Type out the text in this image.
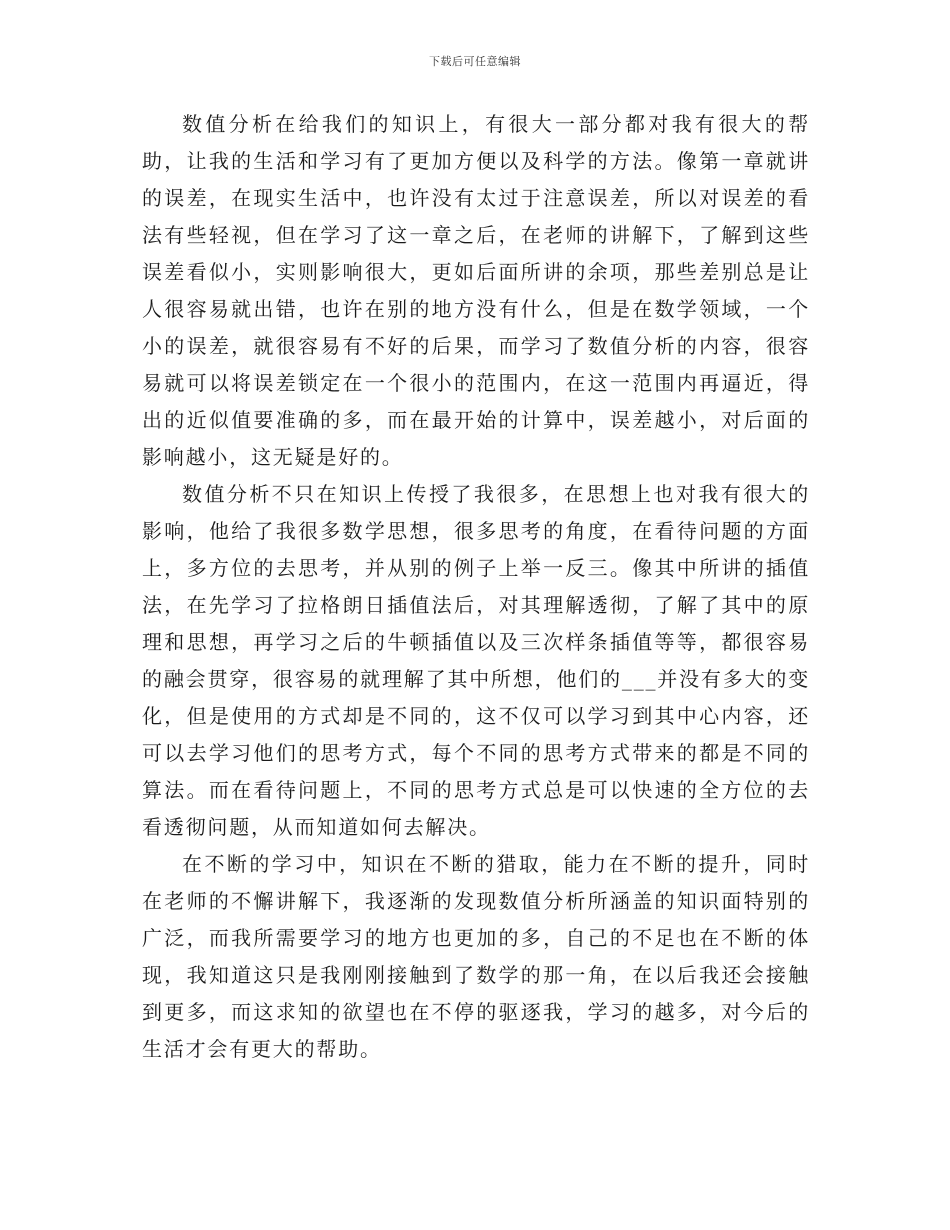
下载后可任意编辑

数值分析在给我们的知识上，有很大一部分都对我有很大的帮助，让我的生活和学习有了更加方便以及科学的方法。像第一章就讲的误差，在现实生活中，也许没有太过于注意误差，所以对误差的看法有些轻视，但在学习了这一章之后，在老师的讲解下，了解到这些误差看似小，实则影响很大，更如后面所讲的余项，那些差别总是让人很容易就出错，也许在别的地方没有什么，但是在数学领域，一个小的误差，就很容易有不好的后果，而学习了数值分析的内容，很容易就可以将误差锁定在一个很小的范围内，在这一范围内再逼近，得出的近似值要准确的多，而在最开始的计算中，误差越小，对后面的影响越小，这无疑是好的。

数值分析不只在知识上传授了我很多，在思想上也对我有很大的影响，他给了我很多数学思想，很多思考的角度，在看待问题的方面上，多方位的去思考，并从别的例子上举一反三。像其中所讲的插值法，在先学习了拉格朗日插值法后，对其理解透彻，了解了其中的原理和思想，再学习之后的牛顿插值以及三次样条插值等等，都很容易的融会贯穿，很容易的就理解了其中所想，他们的___并没有多大的变化，但是使用的方式却是不同的，这不仅可以学习到其中心内容，还可以去学习他们的思考方式，每个不同的思考方式带来的都是不同的算法。而在看待问题上，不同的思考方式总是可以快速的全方位的去看透彻问题，从而知道如何去解决。

在不断的学习中，知识在不断的猎取，能力在不断的提升，同时在老师的不懈讲解下，我逐渐的发现数值分析所涵盖的知识面特别的广泛，而我所需要学习的地方也更加的多，自己的不足也在不断的体现，我知道这只是我刚刚接触到了数学的那一角，在以后我还会接触到更多，而这求知的欲望也在不停的驱逐我，学习的越多，对今后的生活才会有更大的帮助。
